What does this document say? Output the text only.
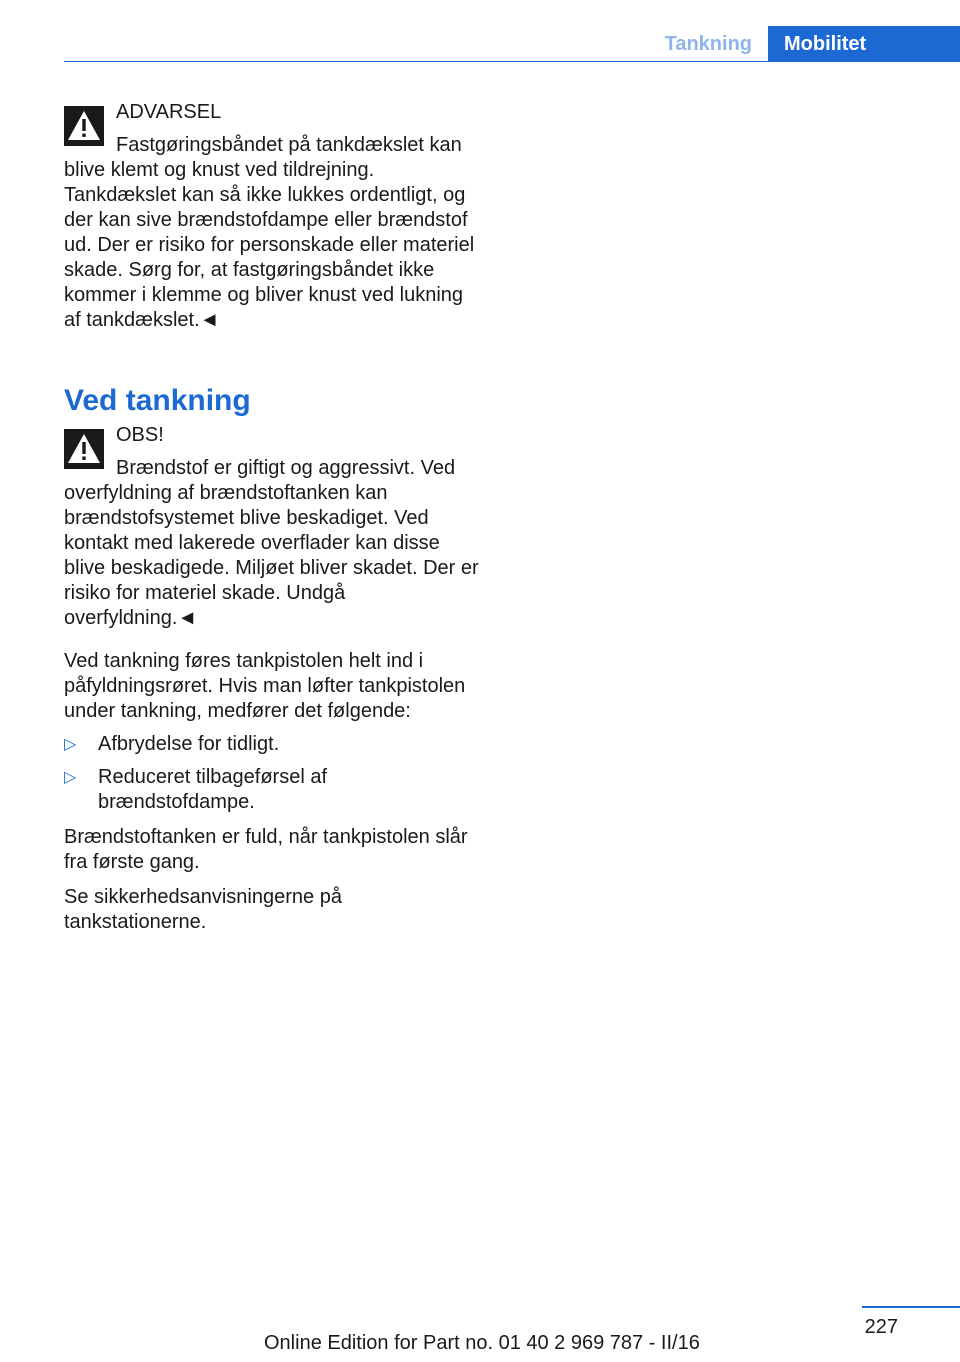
Tankning	Mobilitet

ADVARSEL

Fastgøringsbåndet på tankdækslet kan blive klemt og knust ved tildrejning. Tankdækslet kan så ikke lukkes ordentligt, og der kan sive brændstofdampe eller brændstof ud. Der er risiko for personskade eller materiel skade. Sørg for, at fastgøringsbåndet ikke kommer i klemme og bliver knust ved lukning af tankdækslet.◄

Ved tankning

OBS!

Brændstof er giftigt og aggressivt. Ved overfyldning af brændstoftanken kan brændstofsystemet blive beskadiget. Ved kontakt med lakerede overflader kan disse blive beskadigede. Miljøet bliver skadet. Der er risiko for materiel skade. Undgå overfyldning.◄

Ved tankning føres tankpistolen helt ind i påfyldningsrøret. Hvis man løfter tankpistolen under tankning, medfører det følgende:

▷ Afbrydelse for tidligt.
▷ Reduceret tilbageførsel af brændstofdampe.

Brændstoftanken er fuld, når tankpistolen slår fra første gang.

Se sikkerhedsanvisningerne på tankstationerne.

227
Online Edition for Part no. 01 40 2 969 787 - II/16
